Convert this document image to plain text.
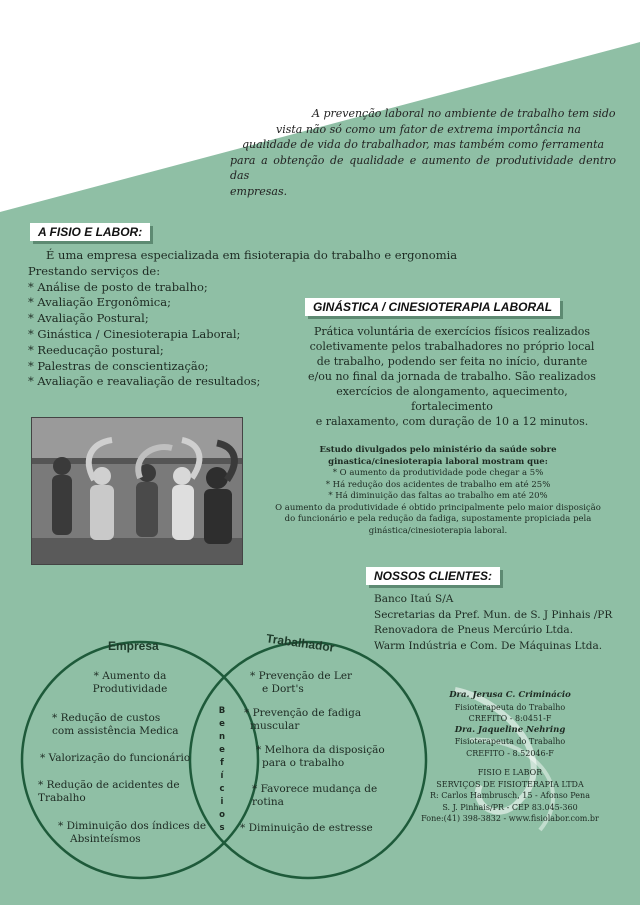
A prevenção laboral no ambiente de trabalho tem sido
vista não só como um fator de extrema importância na
qualidade de vida do trabalhador, mas também como ferramenta
para a obtenção de qualidade e aumento de produtividade dentro das
empresas.
A FISIO E LABOR:
É uma empresa especializada em fisioterapia do trabalho e ergonomia
Prestando serviços de:
* Análise de posto de trabalho;
* Avaliação Ergonômica;
* Avaliação Postural;
* Ginástica / Cinesioterapia Laboral;
* Reeducação postural;
* Palestras de conscientização;
* Avaliação e reavaliação de resultados;
GINÁSTICA / CINESIOTERAPIA LABORAL
Prática voluntária de exercícios físicos realizados
coletivamente pelos trabalhadores no próprio local
de trabalho, podendo ser feita no início, durante
e/ou no final da jornada de trabalho. São realizados
exercícios de alongamento, aquecimento, fortalecimento
e ralaxamento, com duração de 10 a 12 minutos.
Estudo divulgados pelo ministério da saúde sobre
ginastica/cinesioterapia laboral mostram que:
* O aumento da produtividade pode chegar a 5%
* Há redução dos acidentes de trabalho em até 25%
* Há diminuição das faltas ao trabalho em até 20%
O aumento da produtividade é obtido principalmente pelo maior disposição
do funcionário e pela redução da fadiga, supostamente propiciada pela
ginástica/cinesioterapia laboral.
NOSSOS CLIENTES:
Banco Itaú S/A
Secretarias da Pref. Mun. de S. J Pinhais /PR
Renovadora de Pneus Mercúrio Ltda.
Warm Indústria e Com. De Máquinas Ltda.
Empresa	Trabalhador
* Aumento da
Produtividade
* Redução de custos
com assistência Medica
* Valorização do funcionário
* Redução de acidentes de
Trabalho
* Diminuição dos índices de
Absinteísmos
B
e
n
e
f
í
c
i
o
s
* Prevenção de Ler
e Dort's
* Prevenção de fadiga
muscular
* Melhora da disposição
para o trabalho
* Favorece mudança de
rotina
* Diminuição de estresse
Dra. Jerusa C. Criminácio
Fisioterapeuta do Trabalho
CREFITO - 8:0451-F
Dra. Jaqueline Nehring
Fisioterapeuta do Trabalho
CREFITO - 8.52046-F
FISIO E LABOR
SERVIÇOS DE FISIOTERAPIA LTDA
R: Carlos Hambrusch, 15 - Afonso Pena
S. J. Pinhais/PR - CEP 83.045-360
Fone:(41) 398-3832 - www.fisiolabor.com.br
